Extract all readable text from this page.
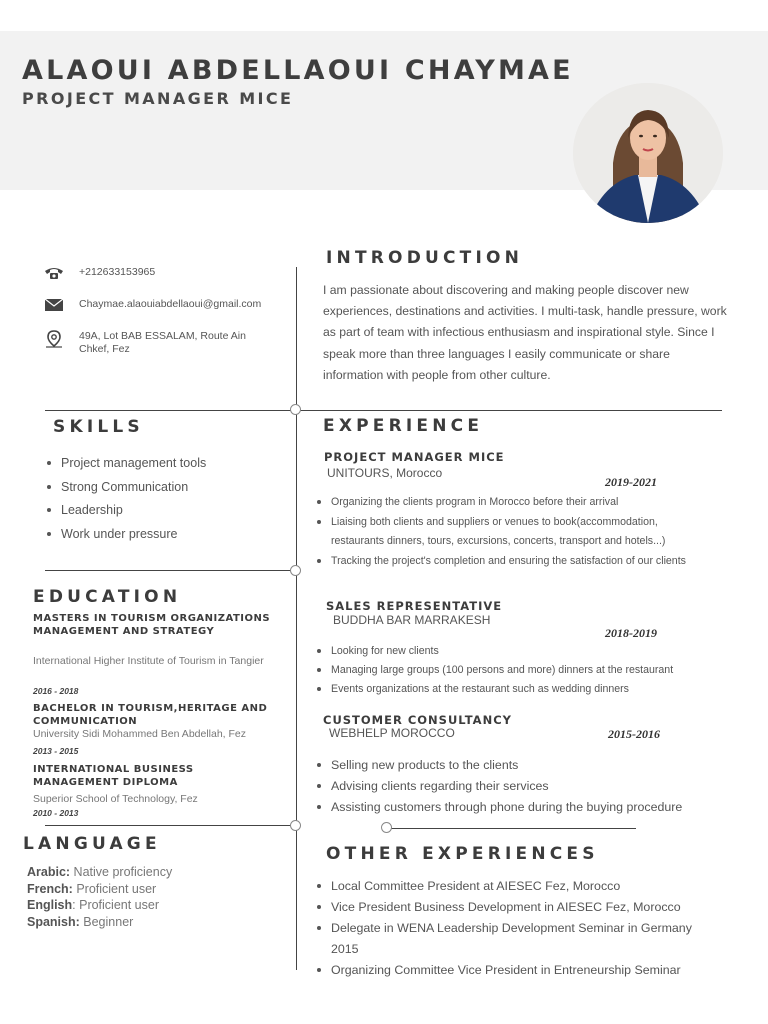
ALAOUI ABDELLAOUI CHAYMAE
PROJECT MANAGER MICE
+212633153965
Chaymae.alaouiabdellaoui@gmail.com
49A, Lot BAB ESSALAM, Route Ain Chkef, Fez
INTRODUCTION
I am passionate about discovering and making people discover new experiences, destinations and activities. I multi-task, handle pressure, work as part of team with infectious enthusiasm and inspirational style. Since I speak more than three languages I easily communicate or share information with people from other culture.
SKILLS
Project management tools
Strong Communication
Leadership
Work under pressure
EDUCATION
MASTERS IN TOURISM ORGANIZATIONS MANAGEMENT AND STRATEGY
International Higher Institute of Tourism in Tangier
2016 - 2018
BACHELOR IN TOURISM,HERITAGE AND COMMUNICATION
University Sidi Mohammed Ben Abdellah, Fez
2013 - 2015
INTERNATIONAL BUSINESS MANAGEMENT DIPLOMA
Superior School of Technology, Fez
2010 - 2013
LANGUAGE
Arabic: Native proficiency
French: Proficient user
English: Proficient user
Spanish: Beginner
EXPERIENCE
PROJECT MANAGER MICE
UNITOURS, Morocco
2019-2021
Organizing the clients program in Morocco before their arrival
Liaising both clients and suppliers or venues to book(accommodation, restaurants dinners, tours, excursions, concerts, transport and hotels...)
Tracking the project's completion and ensuring the satisfaction of our clients
SALES REPRESENTATIVE
BUDDHA BAR MARRAKESH
2018-2019
Looking for new clients
Managing large groups (100 persons and more) dinners at the restaurant
Events organizations at the restaurant such as wedding dinners
CUSTOMER CONSULTANCY
WEBHELP MOROCCO	2015-2016
Selling new products to the clients
Advising clients regarding their services
Assisting customers through phone during the buying procedure
OTHER EXPERIENCES
Local Committee President at AIESEC Fez, Morocco
Vice President Business Development in AIESEC Fez, Morocco
Delegate in WENA Leadership Development Seminar in Germany 2015
Organizing Committee Vice President in Entreneurship Seminar
